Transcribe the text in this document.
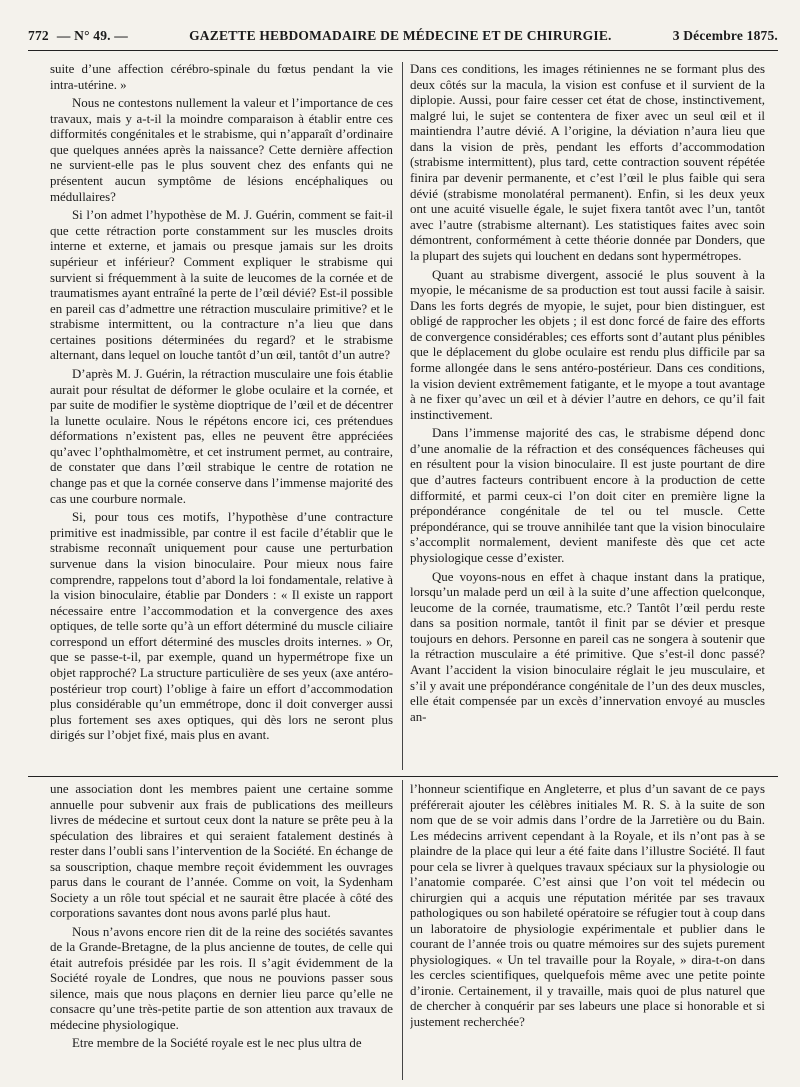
772 — N° 49. —	GAZETTE HEBDOMADAIRE DE MÉDECINE ET DE CHIRURGIE.	3 Décembre 1875.

suite d’une affection cérébro-spinale du fœtus pendant la vie intra-utérine. »

Nous ne contestons nullement la valeur et l’importance de ces travaux, mais y a-t-il la moindre comparaison à établir entre ces difformités congénitales et le strabisme, qui n’apparaît d’ordinaire que quelques années après la naissance? Cette dernière affection ne survient-elle pas le plus souvent chez des enfants qui ne présentent aucun symptôme de lésions encéphaliques ou médullaires?

Si l’on admet l’hypothèse de M. J. Guérin, comment se fait-il que cette rétraction porte constamment sur les muscles droits interne et externe, et jamais ou presque jamais sur les droits supérieur et inférieur? Comment expliquer le strabisme qui survient si fréquemment à la suite de leucomes de la cornée et de traumatismes ayant entraîné la perte de l’œil dévié? Est-il possible en pareil cas d’admettre une rétraction musculaire primitive? et le strabisme intermittent, ou la contracture n’a lieu que dans certaines positions déterminées du regard? et le strabisme alternant, dans lequel on louche tantôt d’un œil, tantôt d’un autre?

D’après M. J. Guérin, la rétraction musculaire une fois établie aurait pour résultat de déformer le globe oculaire et la cornée, et par suite de modifier le système dioptrique de l’œil et de décentrer la lunette oculaire. Nous le répétons encore ici, ces prétendues déformations n’existent pas, elles ne peuvent être appréciées qu’avec l’ophthalmomètre, et cet instrument permet, au contraire, de constater que dans l’œil strabique le centre de rotation ne change pas et que la cornée conserve dans l’immense majorité des cas une courbure normale.

Si, pour tous ces motifs, l’hypothèse d’une contracture primitive est inadmissible, par contre il est facile d’établir que le strabisme reconnaît uniquement pour cause une perturbation survenue dans la vision binoculaire. Pour mieux nous faire comprendre, rappelons tout d’abord la loi fondamentale, relative à la vision binoculaire, établie par Donders : « Il existe un rapport nécessaire entre l’accommodation et la convergence des axes optiques, de telle sorte qu’à un effort déterminé du muscle ciliaire correspond un effort déterminé des muscles droits internes. » Or, que se passe-t-il, par exemple, quand un hypermétrope fixe un objet rapproché? La structure particulière de ses yeux (axe antéro-postérieur trop court) l’oblige à faire un effort d’accommodation plus considérable qu’un emmétrope, donc il doit converger aussi plus fortement ses axes optiques, qui dès lors ne seront plus dirigés sur l’objet fixé, mais plus en avant.

Dans ces conditions, les images rétiniennes ne se formant plus des deux côtés sur la macula, la vision est confuse et il survient de la diplopie. Aussi, pour faire cesser cet état de chose, instinctivement, malgré lui, le sujet se contentera de fixer avec un seul œil et il maintiendra l’autre dévié. A l’origine, la déviation n’aura lieu que dans la vision de près, pendant les efforts d’accommodation (strabisme intermittent), plus tard, cette contraction souvent répétée finira par devenir permanente, et c’est l’œil le plus faible qui sera dévié (strabisme monolatéral permanent). Enfin, si les deux yeux ont une acuité visuelle égale, le sujet fixera tantôt avec l’un, tantôt avec l’autre (strabisme alternant). Les statistiques faites avec soin démontrent, conformément à cette théorie donnée par Donders, que la plupart des sujets qui louchent en dedans sont hypermétropes.

Quant au strabisme divergent, associé le plus souvent à la myopie, le mécanisme de sa production est tout aussi facile à saisir. Dans les forts degrés de myopie, le sujet, pour bien distinguer, est obligé de rapprocher les objets ; il est donc forcé de faire des efforts de convergence considérables; ces efforts sont d’autant plus pénibles que le déplacement du globe oculaire est rendu plus difficile par sa forme allongée dans le sens antéro-postérieur. Dans ces conditions, la vision devient extrêmement fatigante, et le myope a tout avantage à ne fixer qu’avec un œil et à dévier l’autre en dehors, ce qu’il fait instinctivement.

Dans l’immense majorité des cas, le strabisme dépend donc d’une anomalie de la réfraction et des conséquences fâcheuses qui en résultent pour la vision binoculaire. Il est juste pourtant de dire que d’autres facteurs contribuent encore à la production de cette difformité, et parmi ceux-ci l’on doit citer en première ligne la prépondérance congénitale de tel ou tel muscle. Cette prépondérance, qui se trouve annihilée tant que la vision binoculaire s’accomplit normalement, devient manifeste dès que cet acte physiologique cesse d’exister.

Que voyons-nous en effet à chaque instant dans la pratique, lorsqu’un malade perd un œil à la suite d’une affection quelconque, leucome de la cornée, traumatisme, etc.? Tantôt l’œil perdu reste dans sa position normale, tantôt il finit par se dévier et presque toujours en dehors. Personne en pareil cas ne songera à soutenir que la rétraction musculaire a été primitive. Que s’est-il donc passé? Avant l’accident la vision binoculaire réglait le jeu musculaire, et s’il y avait une prépondérance congénitale de l’un des deux muscles, elle était compensée par un excès d’innervation envoyé au muscles an-

une association dont les membres paient une certaine somme annuelle pour subvenir aux frais de publications des meilleurs livres de médecine et surtout ceux dont la nature se prête peu à la spéculation des libraires et qui seraient fatalement destinés à rester dans l’oubli sans l’intervention de la Société. En échange de sa souscription, chaque membre reçoit évidemment les ouvrages parus dans le courant de l’année. Comme on voit, la Sydenham Society a un rôle tout spécial et ne saurait être placée à côté des corporations savantes dont nous avons parlé plus haut.

Nous n’avons encore rien dit de la reine des sociétés savantes de la Grande-Bretagne, de la plus ancienne de toutes, de celle qui était autrefois présidée par les rois. Il s’agit évidemment de la Société royale de Londres, que nous ne pouvions passer sous silence, mais que nous plaçons en dernier lieu parce qu’elle ne consacre qu’une très-petite partie de son attention aux travaux de médecine physiologique.

Etre membre de la Société royale est le nec plus ultra de

l’honneur scientifique en Angleterre, et plus d’un savant de ce pays préférerait ajouter les célèbres initiales M. R. S. à la suite de son nom que de se voir admis dans l’ordre de la Jarretière ou du Bain. Les médecins arrivent cependant à la Royale, et ils n’ont pas à se plaindre de la place qui leur a été faite dans l’illustre Société. Il faut pour cela se livrer à quelques travaux spéciaux sur la physiologie ou l’anatomie comparée. C’est ainsi que l’on voit tel médecin ou chirurgien qui a acquis une réputation méritée par ses travaux pathologiques ou son habileté opératoire se réfugier tout à coup dans un laboratoire de physiologie expérimentale et publier dans le courant de l’année trois ou quatre mémoires sur des sujets purement physiologiques. « Un tel travaille pour la Royale, » dira-t-on dans les cercles scientifiques, quelquefois même avec une petite pointe d’ironie. Certainement, il y travaille, mais quoi de plus naturel que de chercher à conquérir par ses labeurs une place si honorable et si justement recherchée?
